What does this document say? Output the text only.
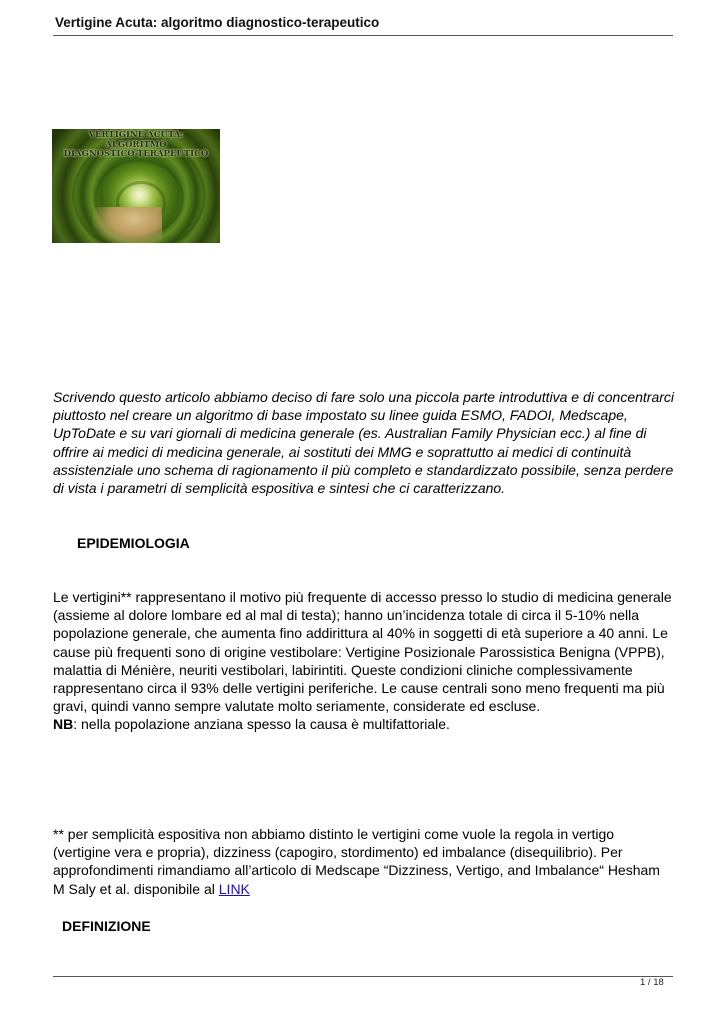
Vertigine Acuta: algoritmo diagnostico-terapeutico
VERTIGINE ACUTA:
ALGORITMO
DIAGNOSTICO-TERAPEUTICO
Scrivendo questo articolo abbiamo deciso di fare solo una piccola parte introduttiva e di concentrarci piuttosto nel creare un algoritmo di base impostato su linee guida ESMO, FADOI, Medscape, UpToDate e su vari giornali di medicina generale (es. Australian Family Physician ecc.) al fine di offrire ai medici di medicina generale, ai sostituti dei MMG e soprattutto ai medici di continuità assistenziale uno schema di ragionamento il più completo e standardizzato possibile, senza perdere di vista i parametri di semplicità espositiva e sintesi che ci caratterizzano.
EPIDEMIOLOGIA
Le vertigini** rappresentano il motivo più frequente di accesso presso lo studio di medicina generale (assieme al dolore lombare ed al mal di testa); hanno un’incidenza totale di circa il 5-10% nella popolazione generale, che aumenta fino addirittura al 40% in soggetti di età superiore a 40 anni. Le cause più frequenti sono di origine vestibolare: Vertigine Posizionale Parossistica Benigna (VPPB), malattia di Ménière, neuriti vestibolari, labirintiti. Queste condizioni cliniche complessivamente rappresentano circa il 93% delle vertigini periferiche. Le cause centrali sono meno frequenti ma più gravi, quindi vanno sempre valutate molto seriamente, considerate ed escluse.
NB: nella popolazione anziana spesso la causa è multifattoriale.
** per semplicità espositiva non abbiamo distinto le vertigini come vuole la regola in vertigo (vertigine vera e propria), dizziness (capogiro, stordimento) ed imbalance (disequilibrio). Per approfondimenti rimandiamo all’articolo di Medscape “Dizziness, Vertigo, and Imbalance“ Hesham M Saly et al. disponibile al LINK
DEFINIZIONE
1 / 18
